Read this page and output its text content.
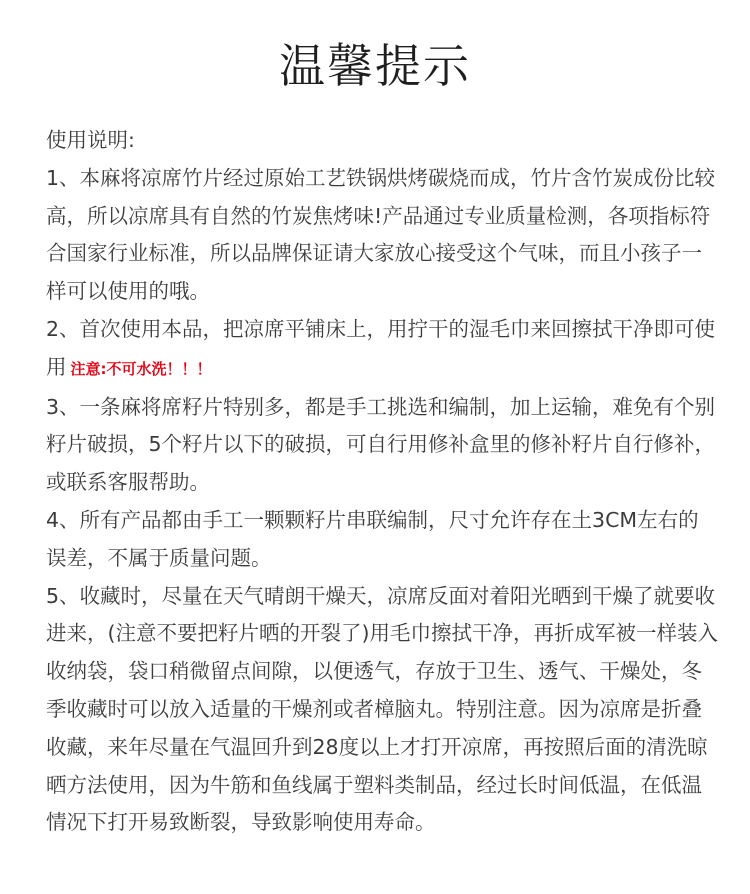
温馨提示

使用说明:

1、本麻将凉席竹片经过原始工艺铁锅烘烤碳烧而成，竹片含竹炭成份比较高，所以凉席具有自然的竹炭焦烤味!产品通过专业质量检测，各项指标符合国家行业标准，所以品牌保证请大家放心接受这个气味，而且小孩子一样可以使用的哦。

2、首次使用本品，把凉席平铺床上，用拧干的湿毛巾来回擦拭干净即可使用 注意:不可水洗！！！

3、一条麻将席籽片特别多，都是手工挑选和编制，加上运输，难免有个别籽片破损，5个籽片以下的破损，可自行用修补盒里的修补籽片自行修补，或联系客服帮助。

4、所有产品都由手工一颗颗籽片串联编制，尺寸允许存在土3CM左右的误差，不属于质量问题。

5、收藏时，尽量在天气晴朗干燥天，凉席反面对着阳光晒到干燥了就要收进来，(注意不要把籽片晒的开裂了)用毛巾擦拭干净，再折成军被一样装入收纳袋，袋口稍微留点间隙，以便透气，存放于卫生、透气、干燥处，冬季收藏时可以放入适量的干燥剂或者樟脑丸。特别注意。因为凉席是折叠收藏，来年尽量在气温回升到28度以上才打开凉席，再按照后面的清洗晾晒方法使用，因为牛筋和鱼线属于塑料类制品，经过长时间低温，在低温情况下打开易致断裂，导致影响使用寿命。
